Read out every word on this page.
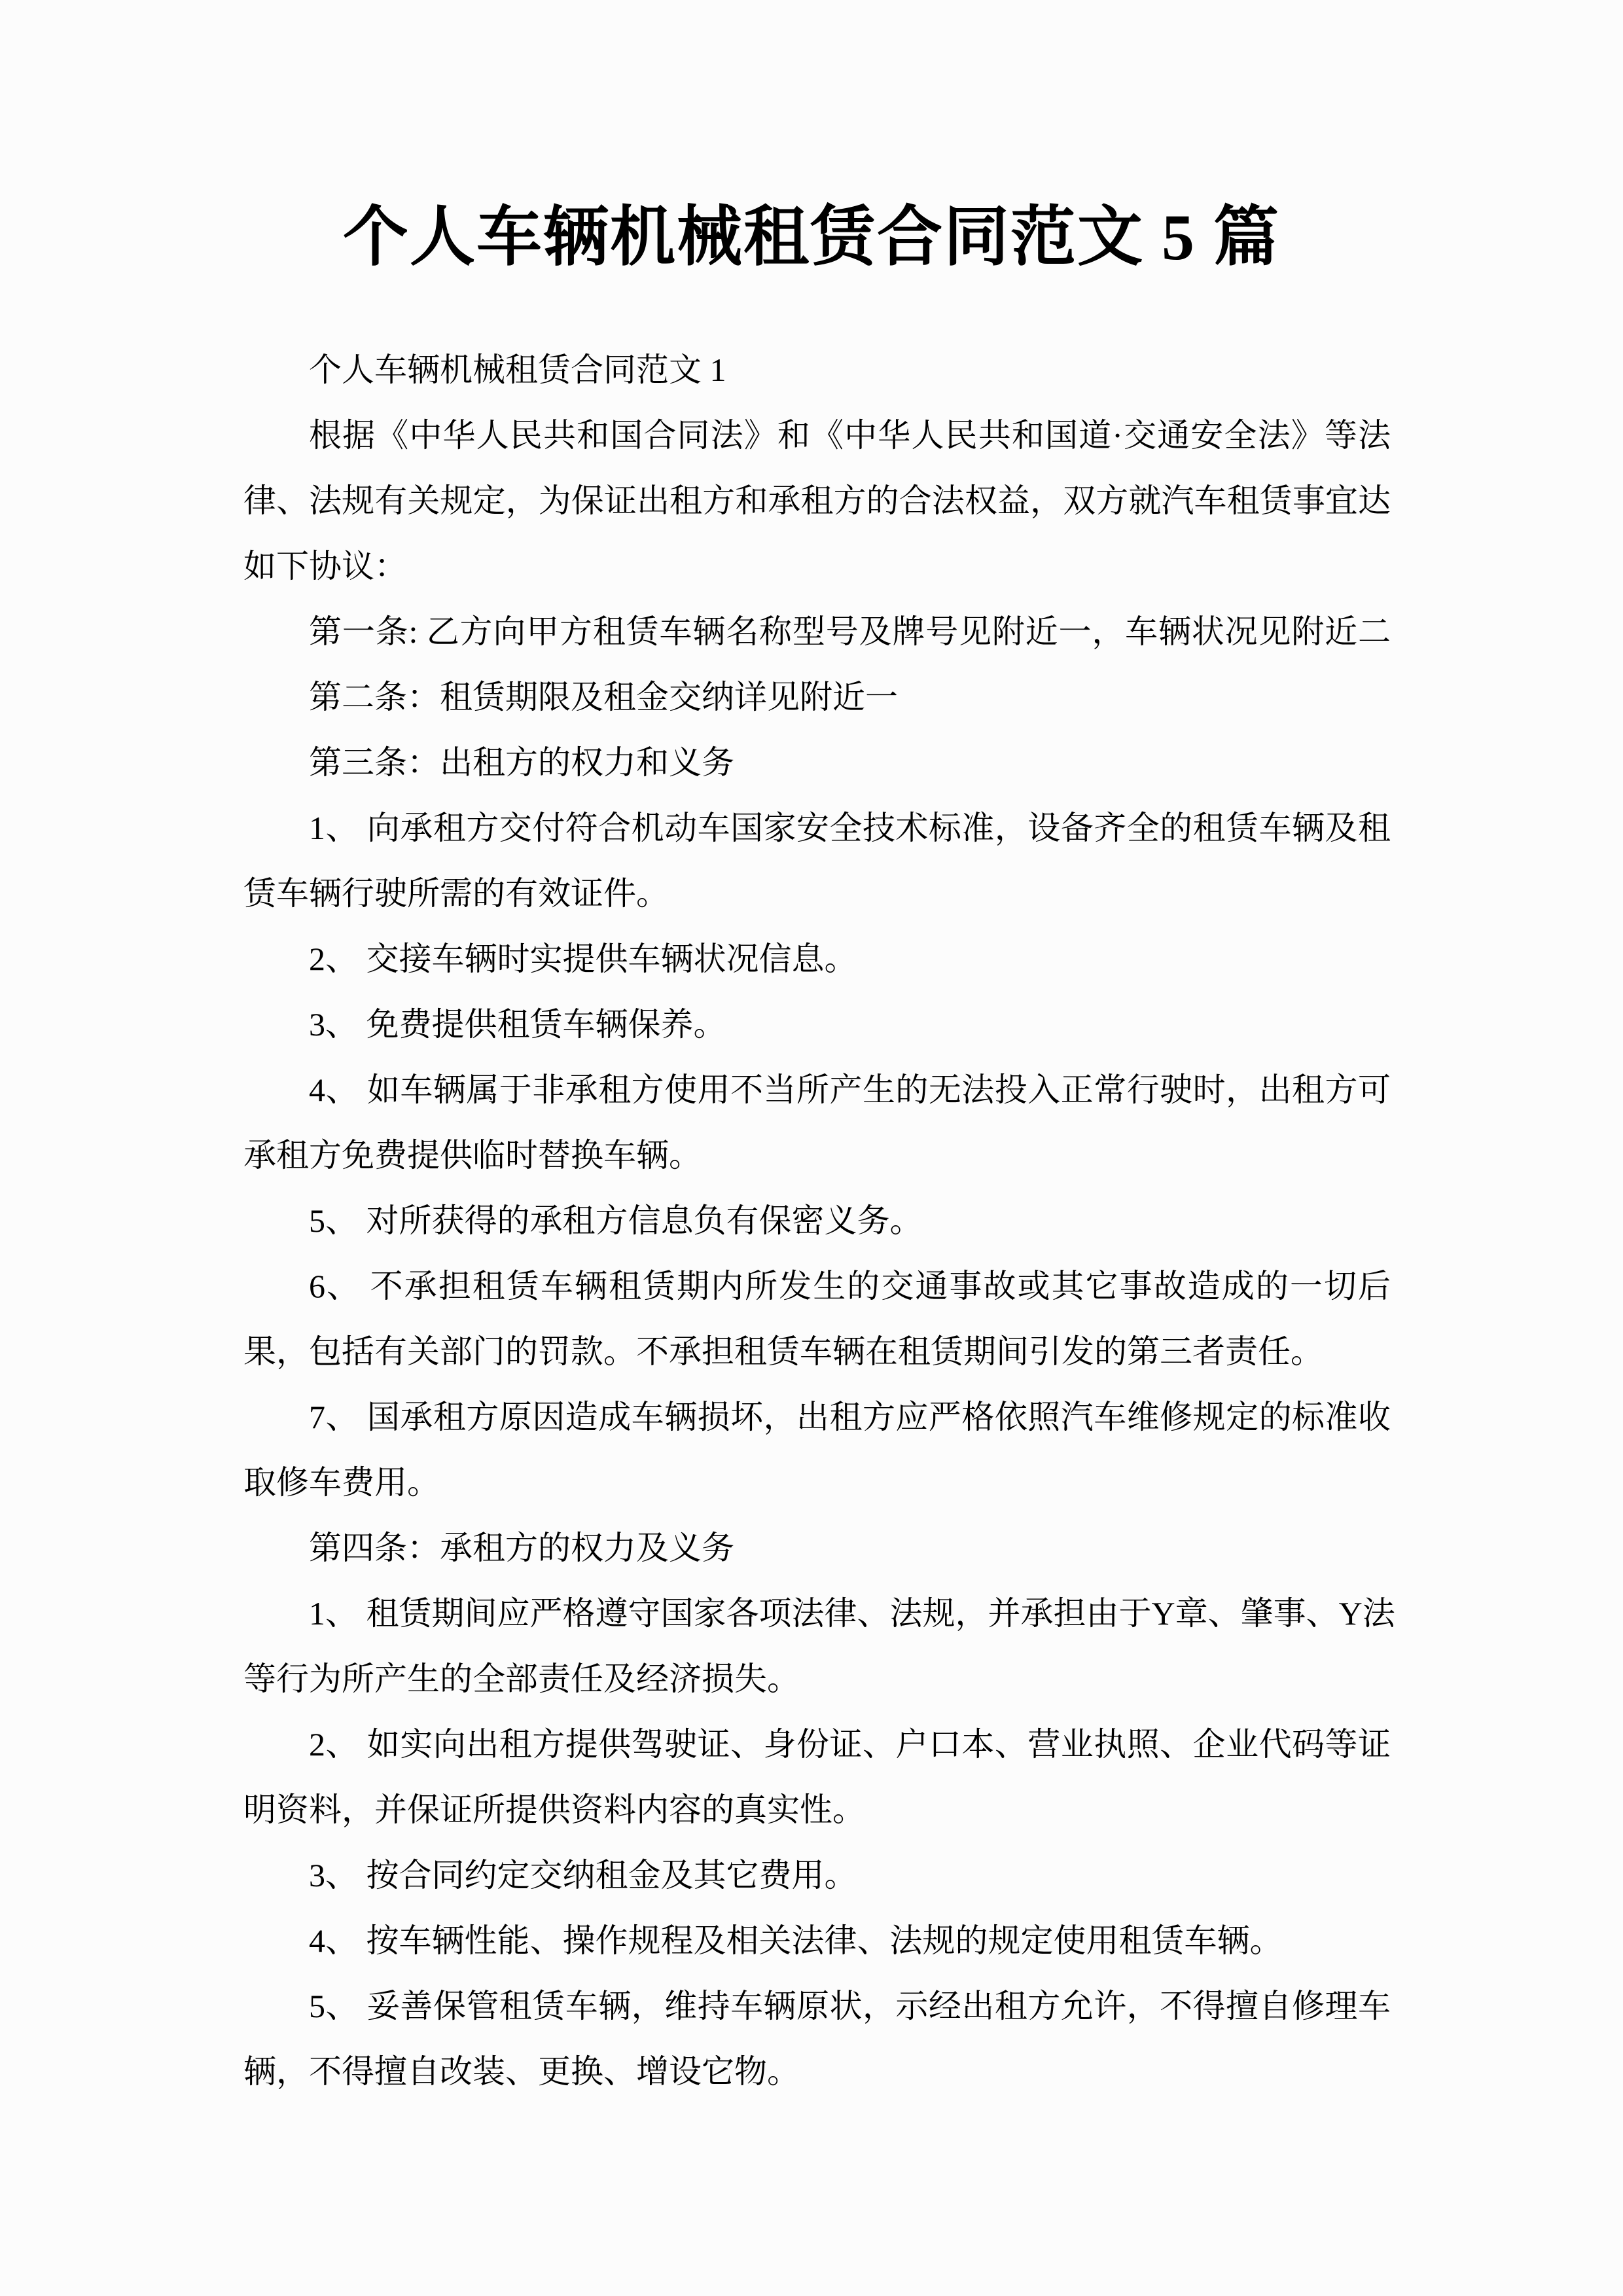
个人车辆机械租赁合同范文 5 篇
个人车辆机械租赁合同范文 1
根据《中华人民共和国合同法》和《中华人民共和国道·交通安全法》等法
律、法规有关规定，为保证出租方和承租方的合法权益，双方就汽车租赁事宜达
如下协议：
第一条: 乙方向甲方租赁车辆名称型号及牌号见附近一，车辆状况见附近二
第二条：租赁期限及租金交纳详见附近一
第三条：出租方的权力和义务
1、 向承租方交付符合机动车国家安全技术标准，设备齐全的租赁车辆及租
赁车辆行驶所需的有效证件。
2、 交接车辆时实提供车辆状况信息。
3、 免费提供租赁车辆保养。
4、 如车辆属于非承租方使用不当所产生的无法投入正常行驶时，出租方可
承租方免费提供临时替换车辆。
5、 对所获得的承租方信息负有保密义务。
6、 不承担租赁车辆租赁期内所发生的交通事故或其它事故造成的一切后
果，包括有关部门的罚款。不承担租赁车辆在租赁期间引发的第三者责任。
7、 国承租方原因造成车辆损坏，出租方应严格依照汽车维修规定的标准收
取修车费用。
第四条：承租方的权力及义务
1、 租赁期间应严格遵守国家各项法律、法规，并承担由于Υ章、肇事、Υ法
等行为所产生的全部责任及经济损失。
2、 如实向出租方提供驾驶证、身份证、户口本、营业执照、企业代码等证
明资料，并保证所提供资料内容的真实性。
3、 按合同约定交纳租金及其它费用。
4、 按车辆性能、操作规程及相关法律、法规的规定使用租赁车辆。
5、 妥善保管租赁车辆，维持车辆原状，示经出租方允许，不得擅自修理车
辆，不得擅自改装、更换、增设它物。
